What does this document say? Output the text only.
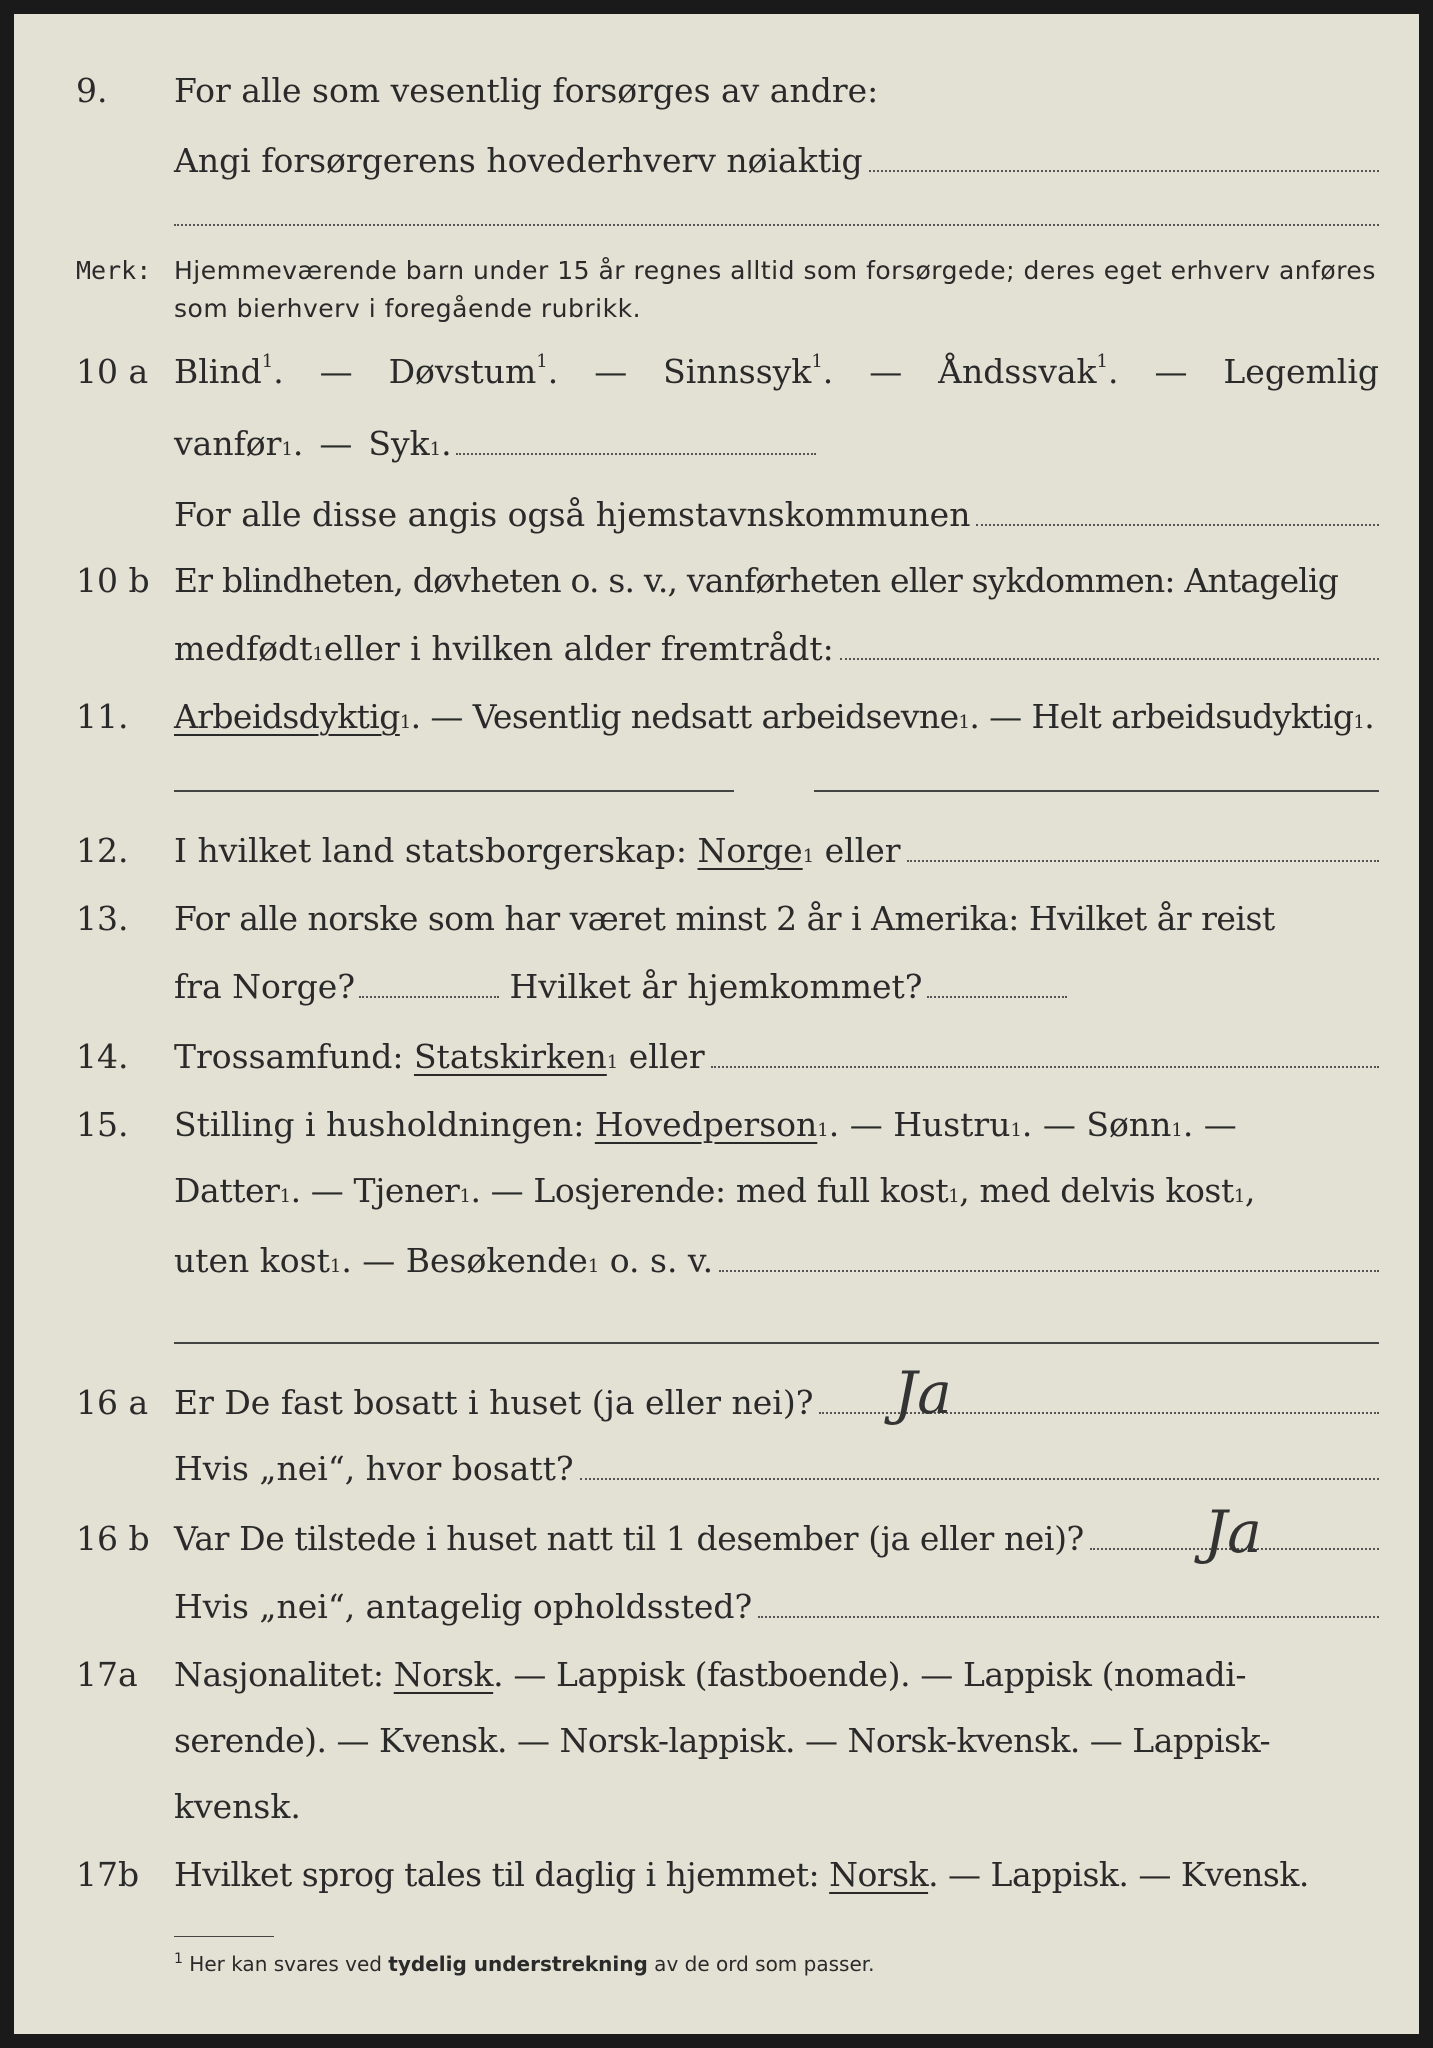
9. For alle som vesentlig forsørges av andre:
Angi forsørgerens hovederhverv nøiaktig
Merk: Hjemmeværende barn under 15 år regnes alltid som forsørgede; deres eget erhverv anføres som bierhverv i foregående rubrikk.
10 a Blind$^1$. — Døvstum$^1$. — Sinnssyk$^1$. — Åndssvak$^1$. — Legemlig
vanfør 1 . — Syk 1 .
For alle disse angis også hjemstavnskommunen
10 b Er blindheten, døvheten o. s. v., vanførheten eller sykdommen: Antagelig
medfødt 1 eller i hvilken alder fremtrådt:
11. Arbeidsdyktig 1 . — Vesentlig nedsatt arbeidsevne 1 . — Helt arbeidsudyktig 1 .
12. I hvilket land statsborgerskap: Norge 1 eller
13. For alle norske som har været minst 2 år i Amerika: Hvilket år reist
fra Norge?	Hvilket år hjemkommet?
14. Trossamfund: Statskirken 1 eller
15. Stilling i husholdningen: Hovedperson 1 . — Hustru 1 . — Sønn 1 . —
Datter 1 . — Tjener 1 . — Losjerende: med full kost 1 , med delvis kost 1 ,
uten kost 1 . — Besøkende 1 o. s. v.
16 a Er De fast bosatt i huset (ja eller nei)? Ja
Hvis „nei“, hvor bosatt?
16 b Var De tilstede i huset natt til 1 desember (ja eller nei)? Ja
Hvis „nei“, antagelig opholdssted?
17a Nasjonalitet: Norsk . — Lappisk (fastboende). — Lappisk (nomadi-
serende). — Kvensk. — Norsk-lappisk. — Norsk-kvensk. — Lappisk-
kvensk.
17b Hvilket sprog tales til daglig i hjemmet: Norsk . — Lappisk. — Kvensk.
$^1$ Her kan svares ved tydelig understrekning av de ord som passer.
